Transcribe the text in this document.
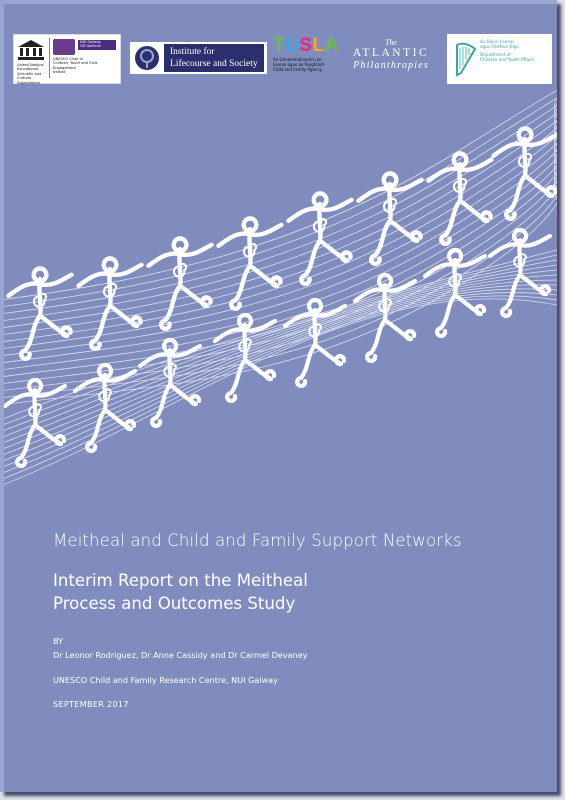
United Nations
Educational, Scientific and
Cultural Organization
NUI Galway
OÉ Gaillimh
UNESCO Chair in
Children, Youth and Civic Engagement
Ireland
Institute for
Lifecourse and Society
TUSLA
An Ghníomhaireacht um
Leanaí agus an Teaghlach
Child and Family Agency
The
ATLANTIC
Philanthropies
An Roinn Leanaí
agus Gnóthaí Óige
Department of
Children and Youth Affairs
Meitheal and Child and Family Support Networks
Interim Report on the Meitheal
Process and Outcomes Study

BY

Dr Leonor Rodriguez, Dr Anne Cassidy and Dr Carmel Devaney

UNESCO Child and Family Research Centre, NUI Galway

SEPTEMBER 2017
